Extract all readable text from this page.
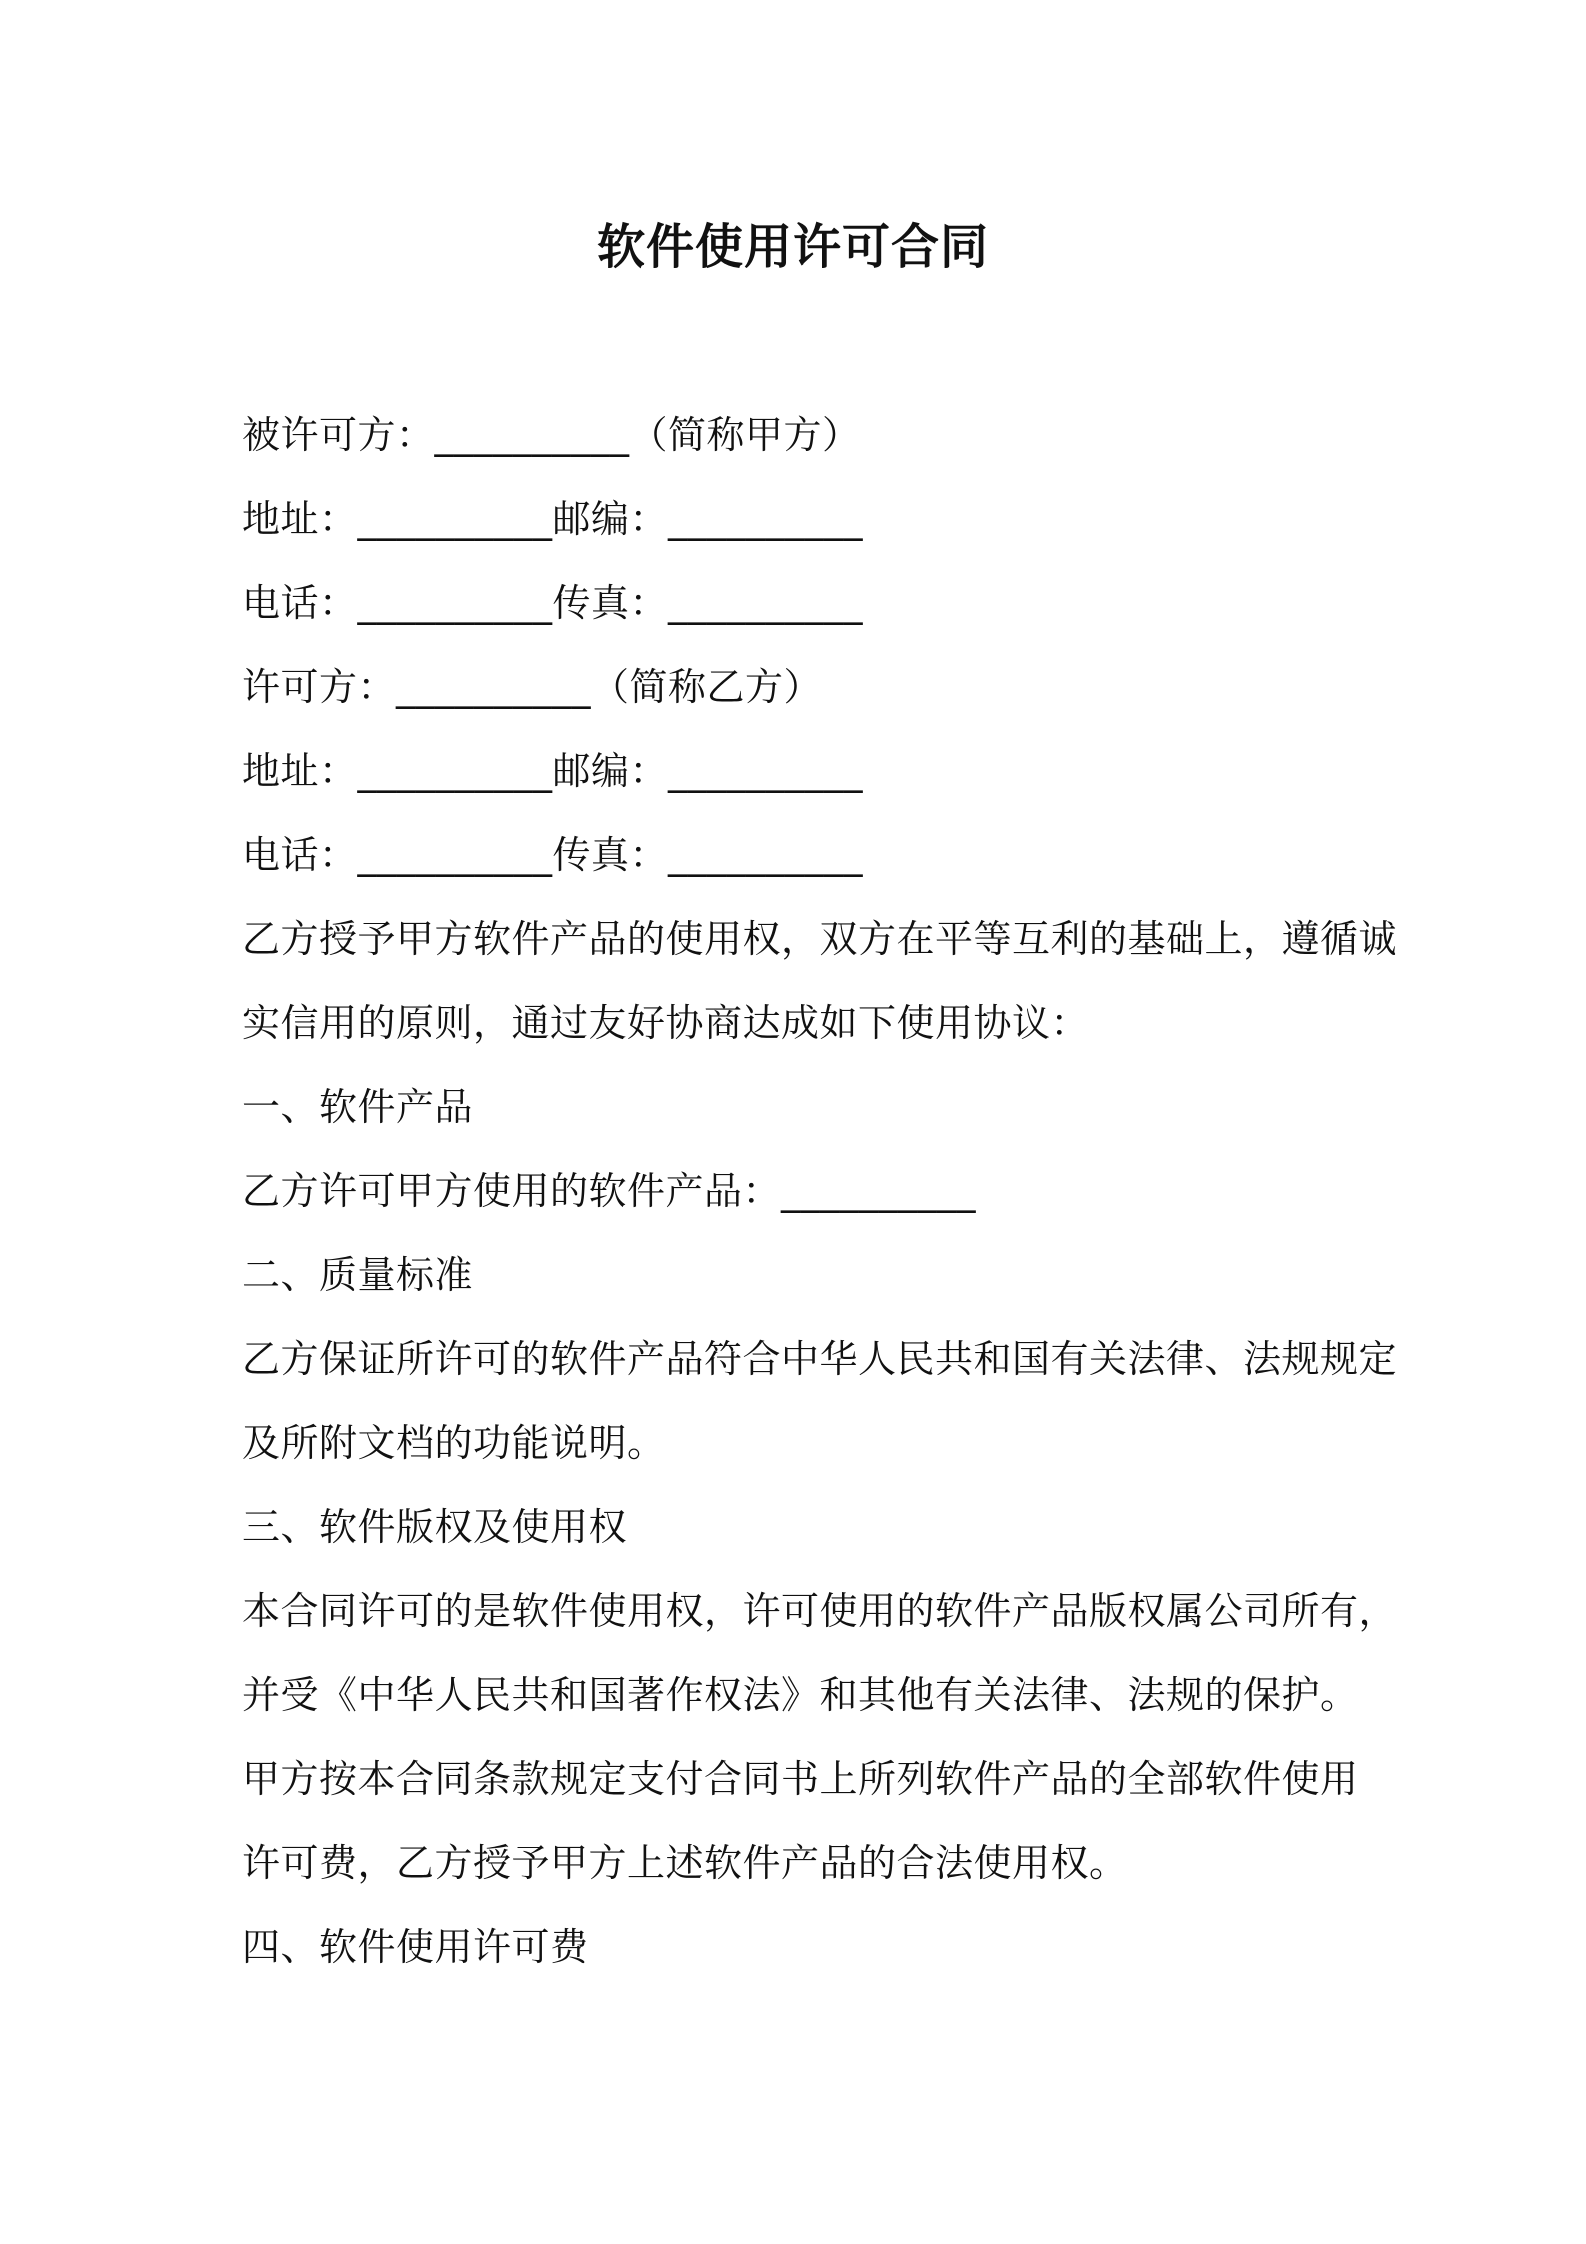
软件使用许可合同
被许可方：__________（简称甲方）
地址：__________邮编：__________
电话：__________传真：__________
许可方：__________（简称乙方）
地址：__________邮编：__________
电话：__________传真：__________
乙方授予甲方软件产品的使用权，双方在平等互利的基础上，遵循诚
实信用的原则，通过友好协商达成如下使用协议：
一、软件产品
乙方许可甲方使用的软件产品：__________
二、质量标准
乙方保证所许可的软件产品符合中华人民共和国有关法律、法规规定
及所附文档的功能说明。
三、软件版权及使用权
本合同许可的是软件使用权，许可使用的软件产品版权属公司所有，
并受《中华人民共和国著作权法》和其他有关法律、法规的保护。
甲方按本合同条款规定支付合同书上所列软件产品的全部软件使用
许可费，乙方授予甲方上述软件产品的合法使用权。
四、软件使用许可费
